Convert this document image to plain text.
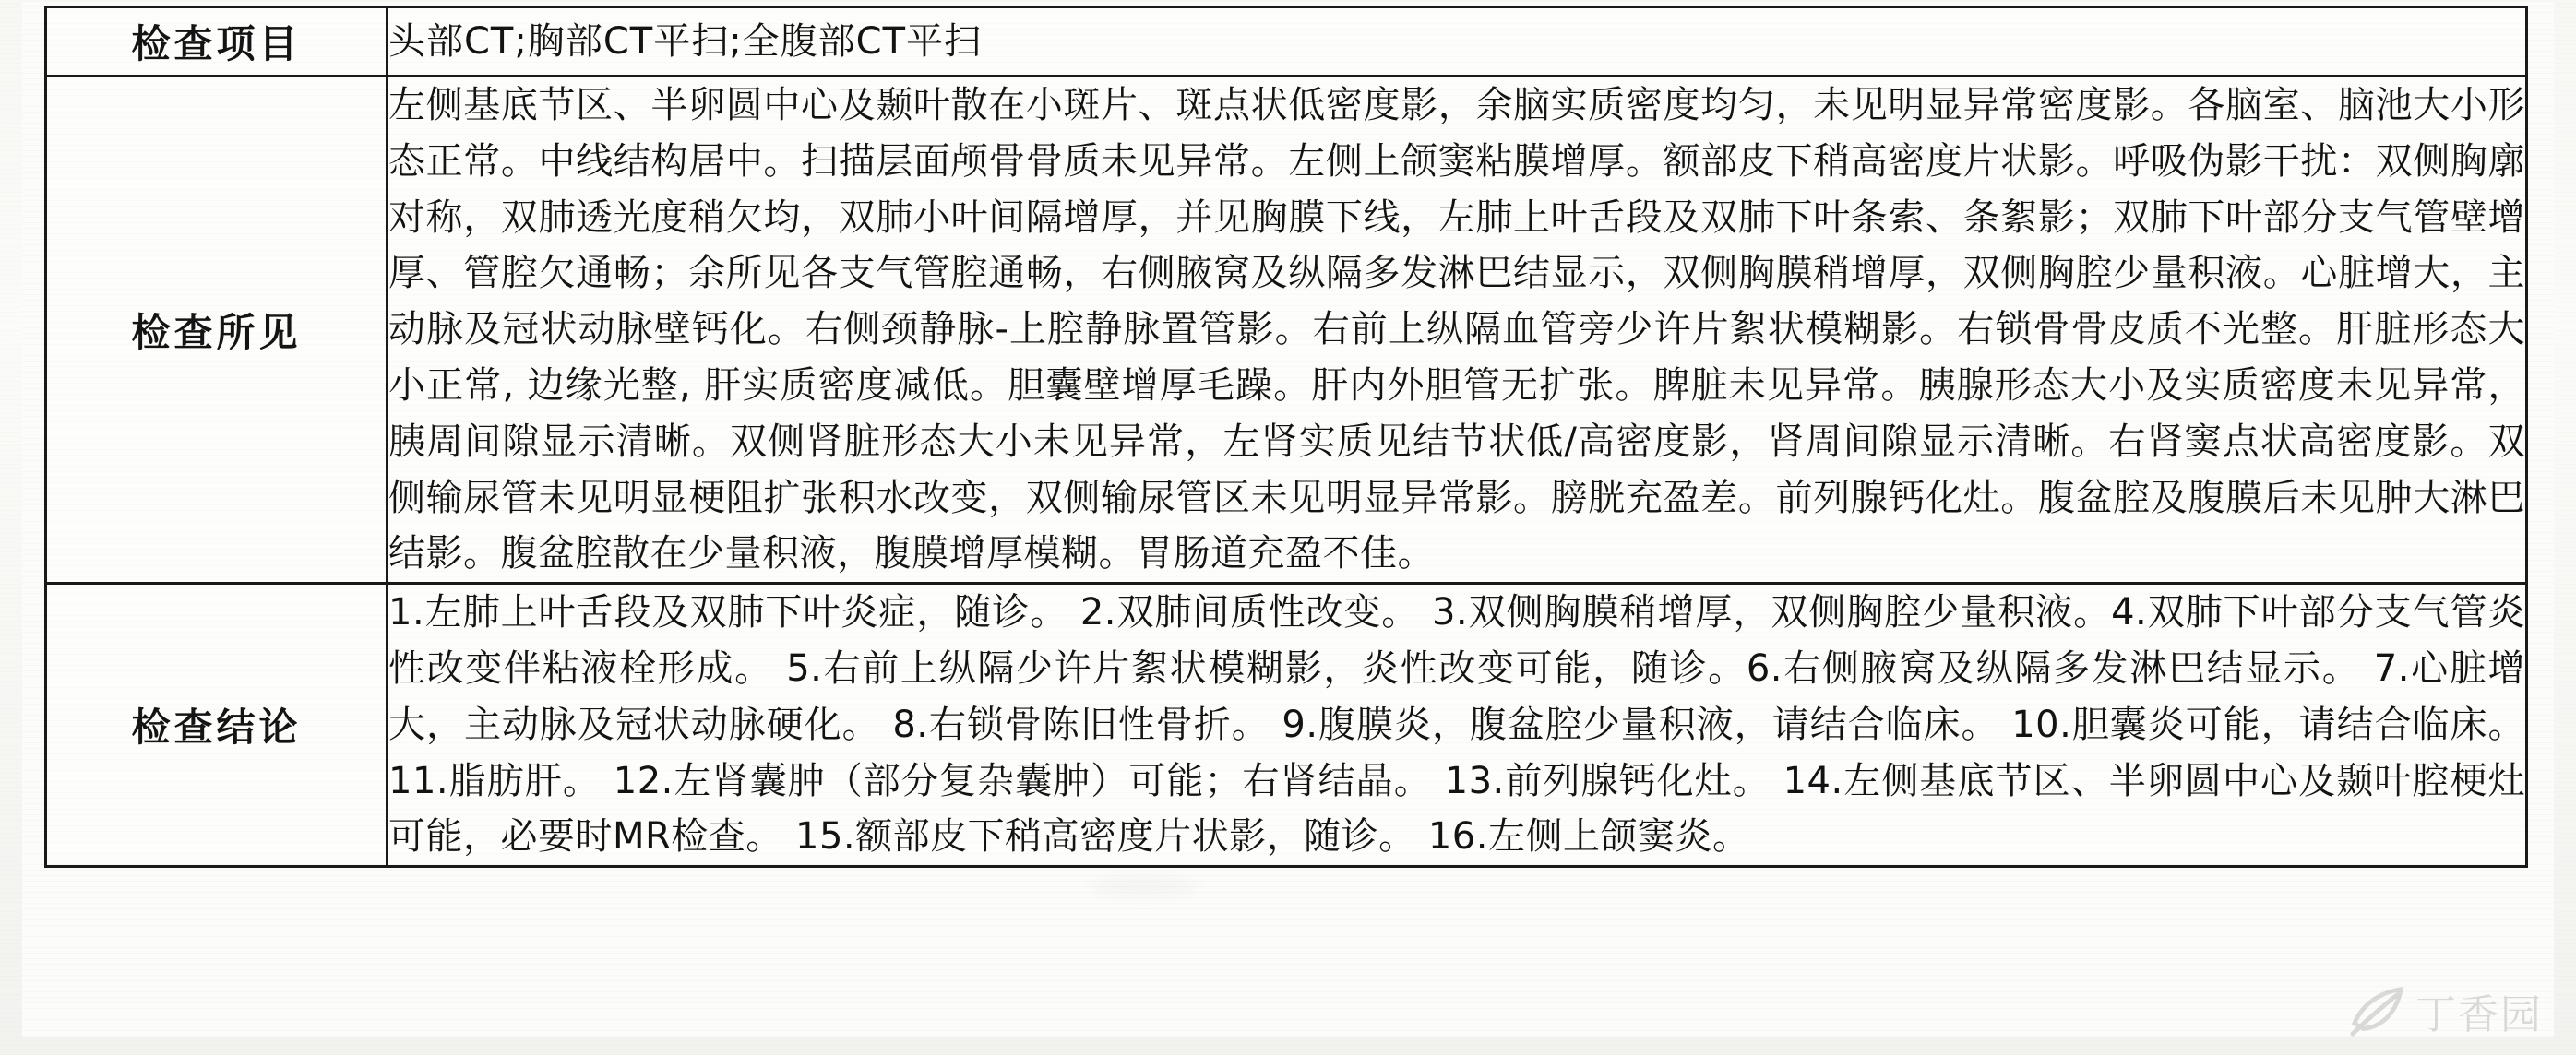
检查项目	头部CT;胸部CT平扫;全腹部CT平扫

检查所见	左侧基底节区、半卵圆中心及颞叶散在小斑片、斑点状低密度影，余脑实质密度均匀，未见明显异常密度影。各脑室、脑池大小形态正常。中线结构居中。扫描层面颅骨骨质未见异常。左侧上颌窦粘膜增厚。额部皮下稍高密度片状影。呼吸伪影干扰：双侧胸廓对称，双肺透光度稍欠均，双肺小叶间隔增厚，并见胸膜下线，左肺上叶舌段及双肺下叶条索、条絮影；双肺下叶部分支气管壁增厚、管腔欠通畅；余所见各支气管腔通畅，右侧腋窝及纵隔多发淋巴结显示，双侧胸膜稍增厚，双侧胸腔少量积液。心脏增大，主动脉及冠状动脉壁钙化。右侧颈静脉-上腔静脉置管影。右前上纵隔血管旁少许片絮状模糊影。右锁骨骨皮质不光整。肝脏形态大小正常, 边缘光整, 肝实质密度减低。胆囊壁增厚毛躁。肝内外胆管无扩张。脾脏未见异常。胰腺形态大小及实质密度未见异常，胰周间隙显示清晰。双侧肾脏形态大小未见异常，左肾实质见结节状低/高密度影，肾周间隙显示清晰。右肾窦点状高密度影。双侧输尿管未见明显梗阻扩张积水改变，双侧输尿管区未见明显异常影。膀胱充盈差。前列腺钙化灶。腹盆腔及腹膜后未见肿大淋巴结影。腹盆腔散在少量积液，腹膜增厚模糊。胃肠道充盈不佳。

检查结论	1.左肺上叶舌段及双肺下叶炎症，随诊。 2.双肺间质性改变。 3.双侧胸膜稍增厚，双侧胸腔少量积液。4.双肺下叶部分支气管炎性改变伴粘液栓形成。 5.右前上纵隔少许片絮状模糊影，炎性改变可能，随诊。6.右侧腋窝及纵隔多发淋巴结显示。 7.心脏增大，主动脉及冠状动脉硬化。 8.右锁骨陈旧性骨折。 9.腹膜炎，腹盆腔少量积液，请结合临床。 10.胆囊炎可能，请结合临床。 11.脂肪肝。 12.左肾囊肿（部分复杂囊肿）可能；右肾结晶。 13.前列腺钙化灶。 14.左侧基底节区、半卵圆中心及颞叶腔梗灶可能，必要时MR检查。 15.额部皮下稍高密度片状影，随诊。 16.左侧上颌窦炎。
丁香园
